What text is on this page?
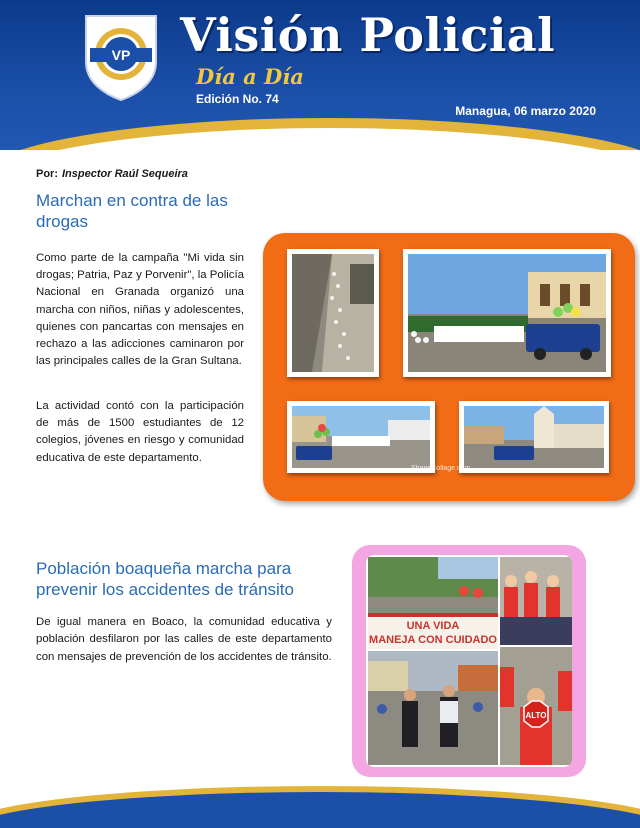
VP Visión Policial
Día a Día
Edición No. 74
Managua, 06 marzo 2020
Por: Inspector Raúl Sequeira
Marchan en contra de las drogas

Como parte de la campaña "Mi vida sin drogas; Patria, Paz y Porvenir", la Policía Nacional en Granada organizó una marcha con niños, niñas y adolescentes, quienes con pancartas con mensajes en rechazo a las adicciones caminaron por las principales calles de la Gran Sultana.

La actividad contó con la participación de más de 1500 estudiantes de 12 colegios, jóvenes en riesgo y comunidad educativa de este departamento.

ShapeCollage.com
Población boaqueña marcha para prevenir los accidentes de tránsito

De igual manera en Boaco, la comunidad educativa y población desfilaron por las calles de este departamento con mensajes de prevención de los accidentes de tránsito.

UNA VIDA
MANEJA CON CUIDADO
ALTO
